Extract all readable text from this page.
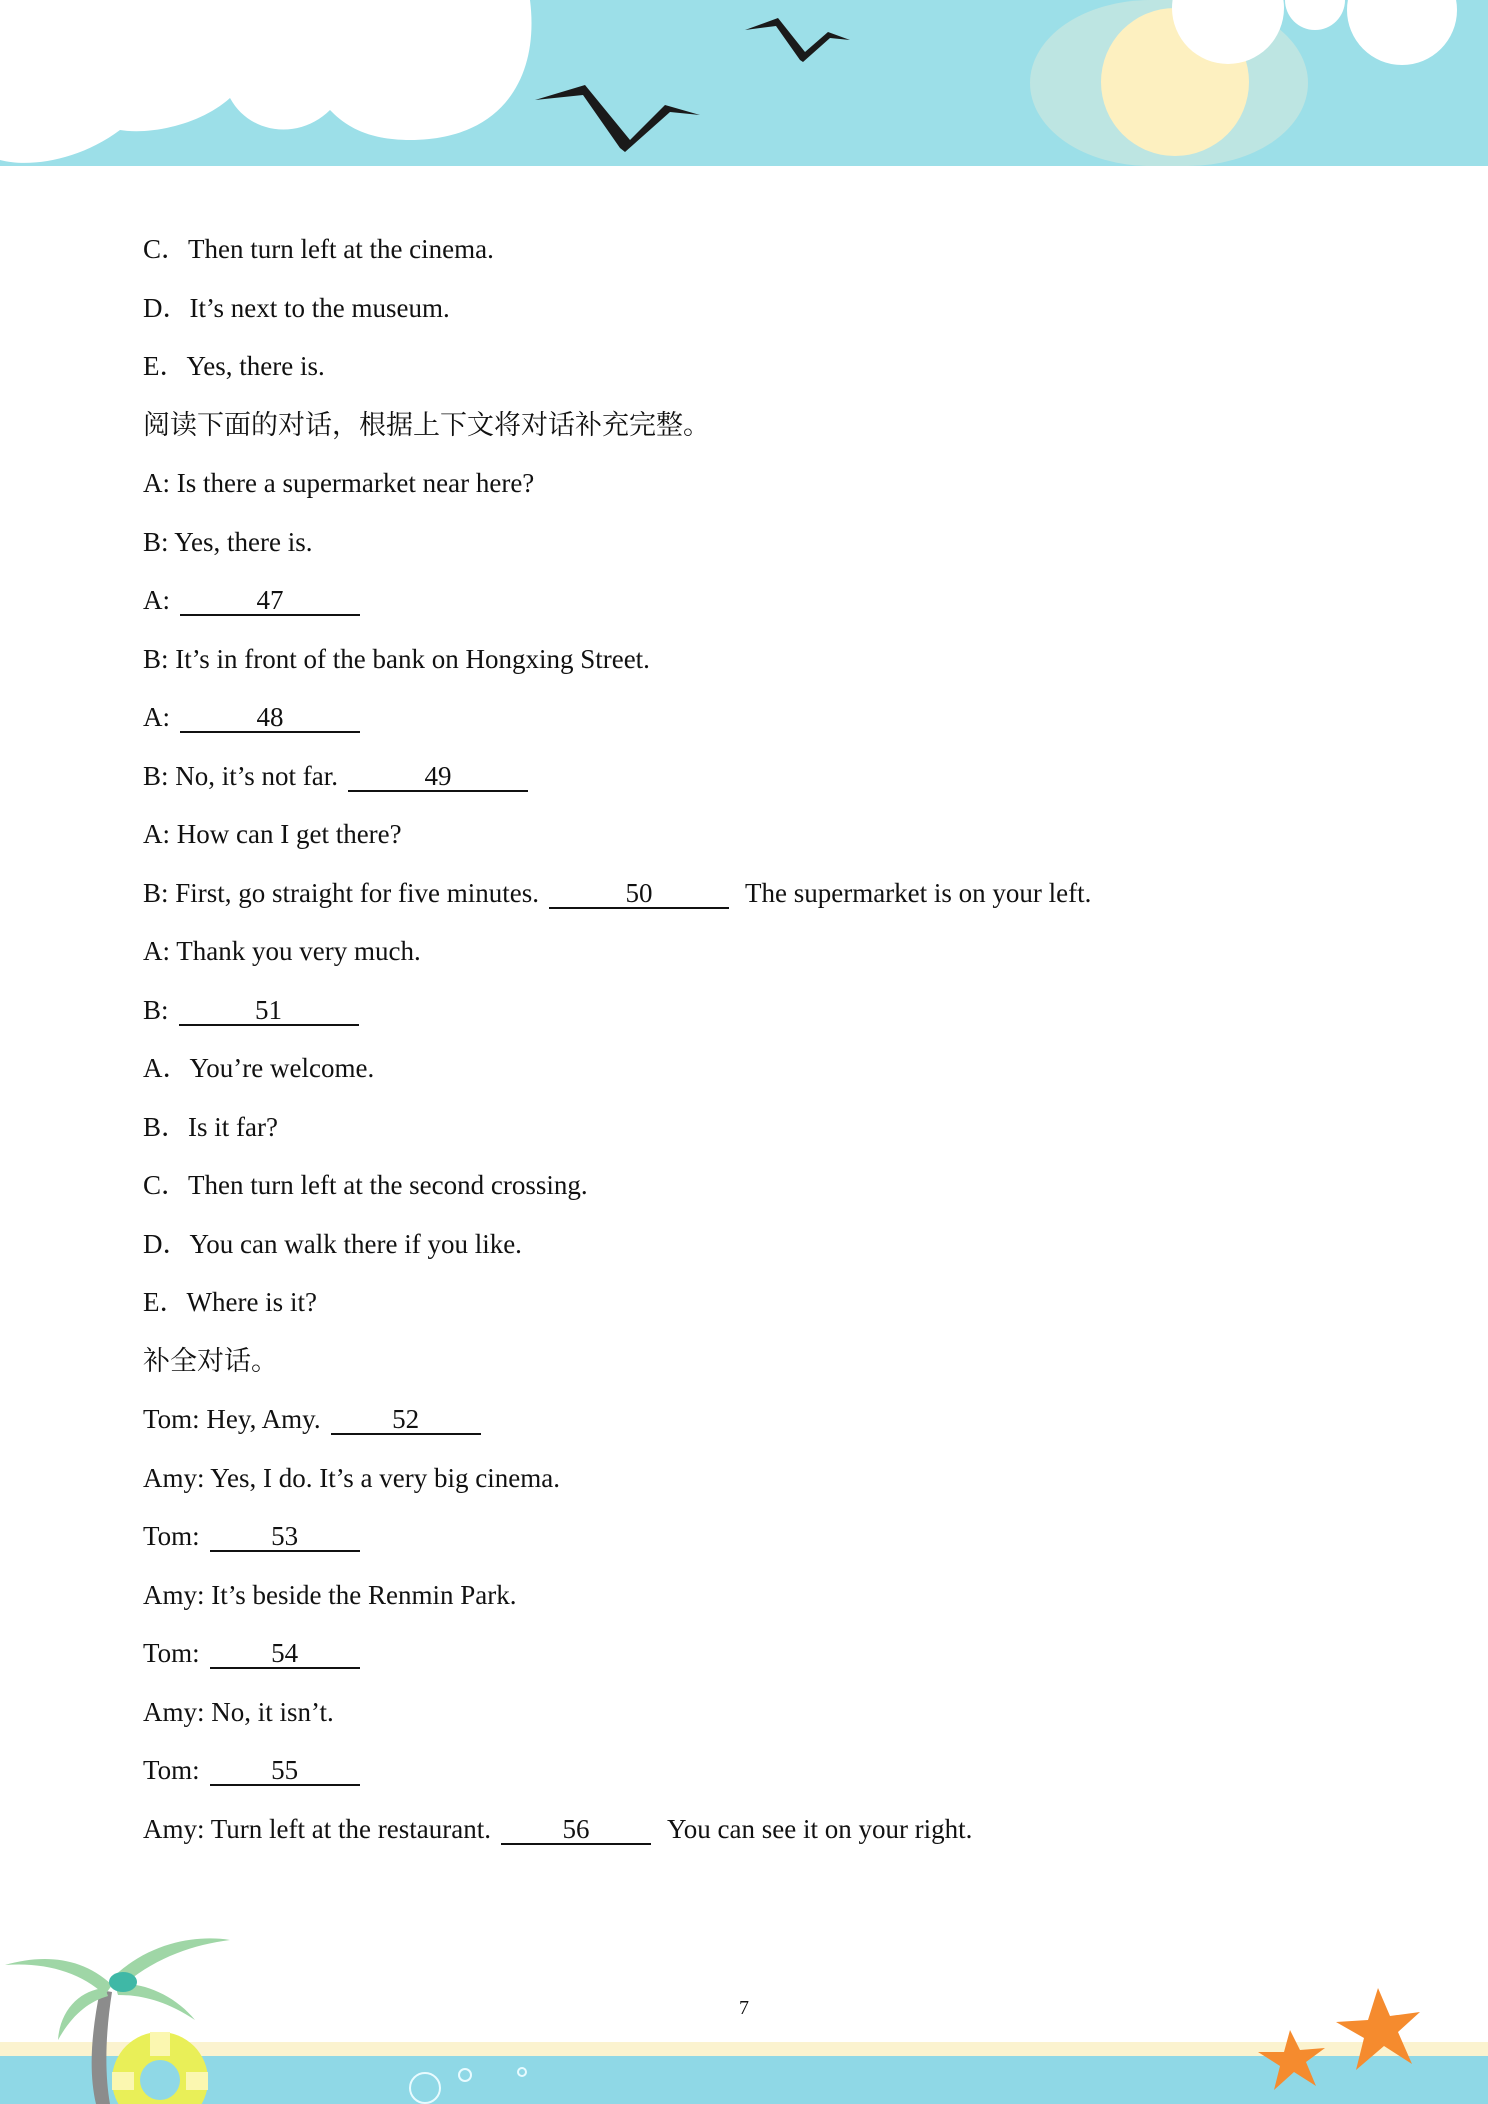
C．Then turn left at the cinema.
D．It’s next to the museum.
E．Yes, there is.
阅读下面的对话，根据上下文将对话补充完整。
A: Is there a supermarket near here?
B: Yes, there is.
A:	47
B: It’s in front of the bank on Hongxing Street.
A:	48
B: No, it’s not far.	49
A: How can I get there?
B: First, go straight for five minutes.	50	The supermarket is on your left.
A: Thank you very much.
B:	51
A．You’re welcome.
B．Is it far?
C．Then turn left at the second crossing.
D．You can walk there if you like.
E．Where is it?
补全对话。
Tom: Hey, Amy.	52
Amy: Yes, I do. It’s a very big cinema.
Tom:	53
Amy: It’s beside the Renmin Park.
Tom:	54
Amy: No, it isn’t.
Tom:	55
Amy: Turn left at the restaurant.	56	You can see it on your right.
7
